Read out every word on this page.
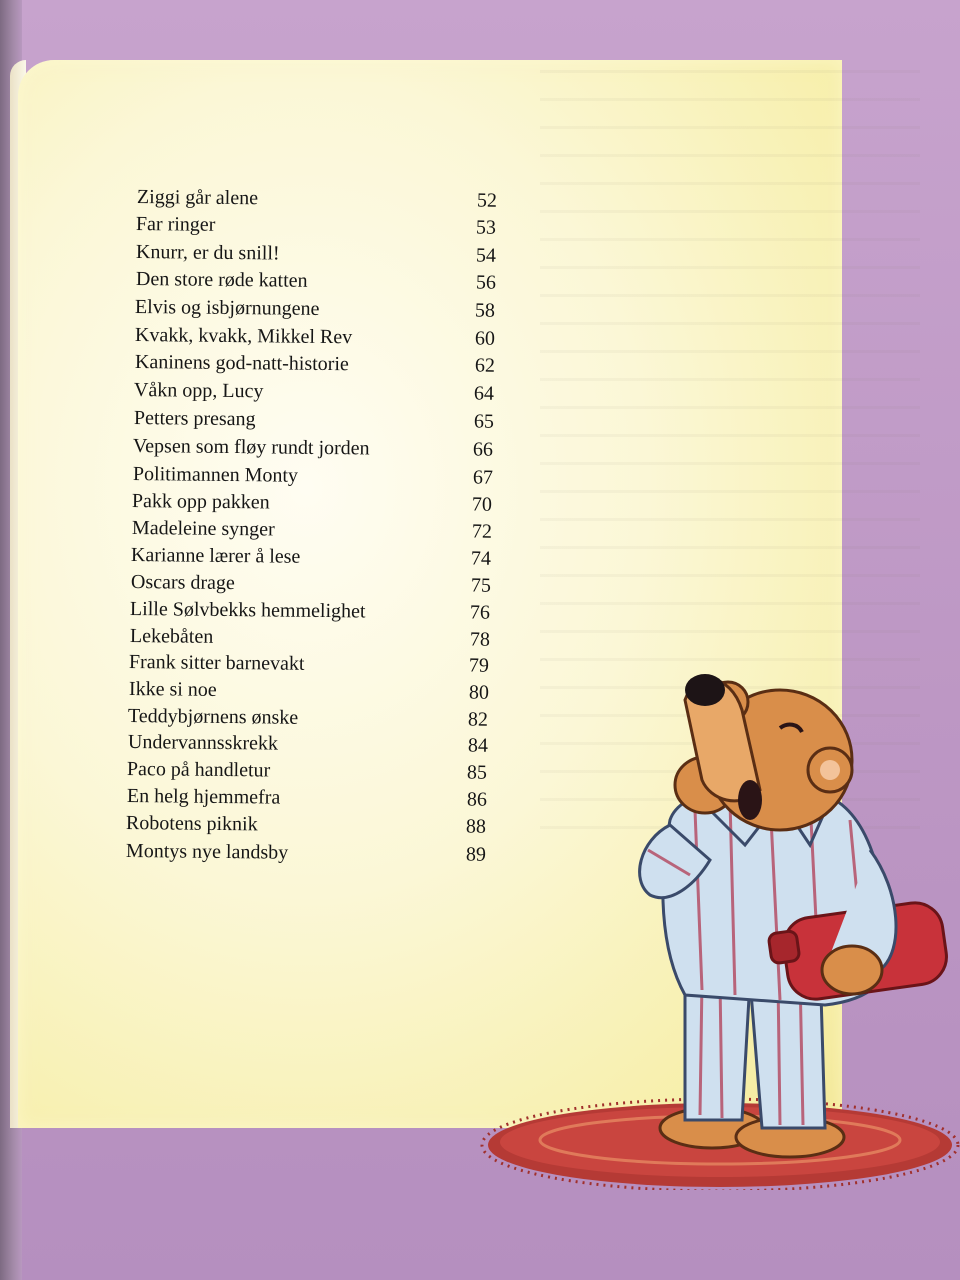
Ziggi går alene	52
Far ringer	53
Knurr, er du snill!	54
Den store røde katten	56
Elvis og isbjørnungene	58
Kvakk, kvakk, Mikkel Rev	60
Kaninens god-natt-historie	62
Våkn opp, Lucy	64
Petters presang	65
Vepsen som fløy rundt jorden	66
Politimannen Monty	67
Pakk opp pakken	70
Madeleine synger	72
Karianne lærer å lese	74
Oscars drage	75
Lille Sølvbekks hemmelighet	76
Lekebåten	78
Frank sitter barnevakt	79
Ikke si noe	80
Teddybjørnens ønske	82
Undervannsskrekk	84
Paco på handletur	85
En helg hjemmefra	86
Robotens piknik	88
Montys nye landsby	89
